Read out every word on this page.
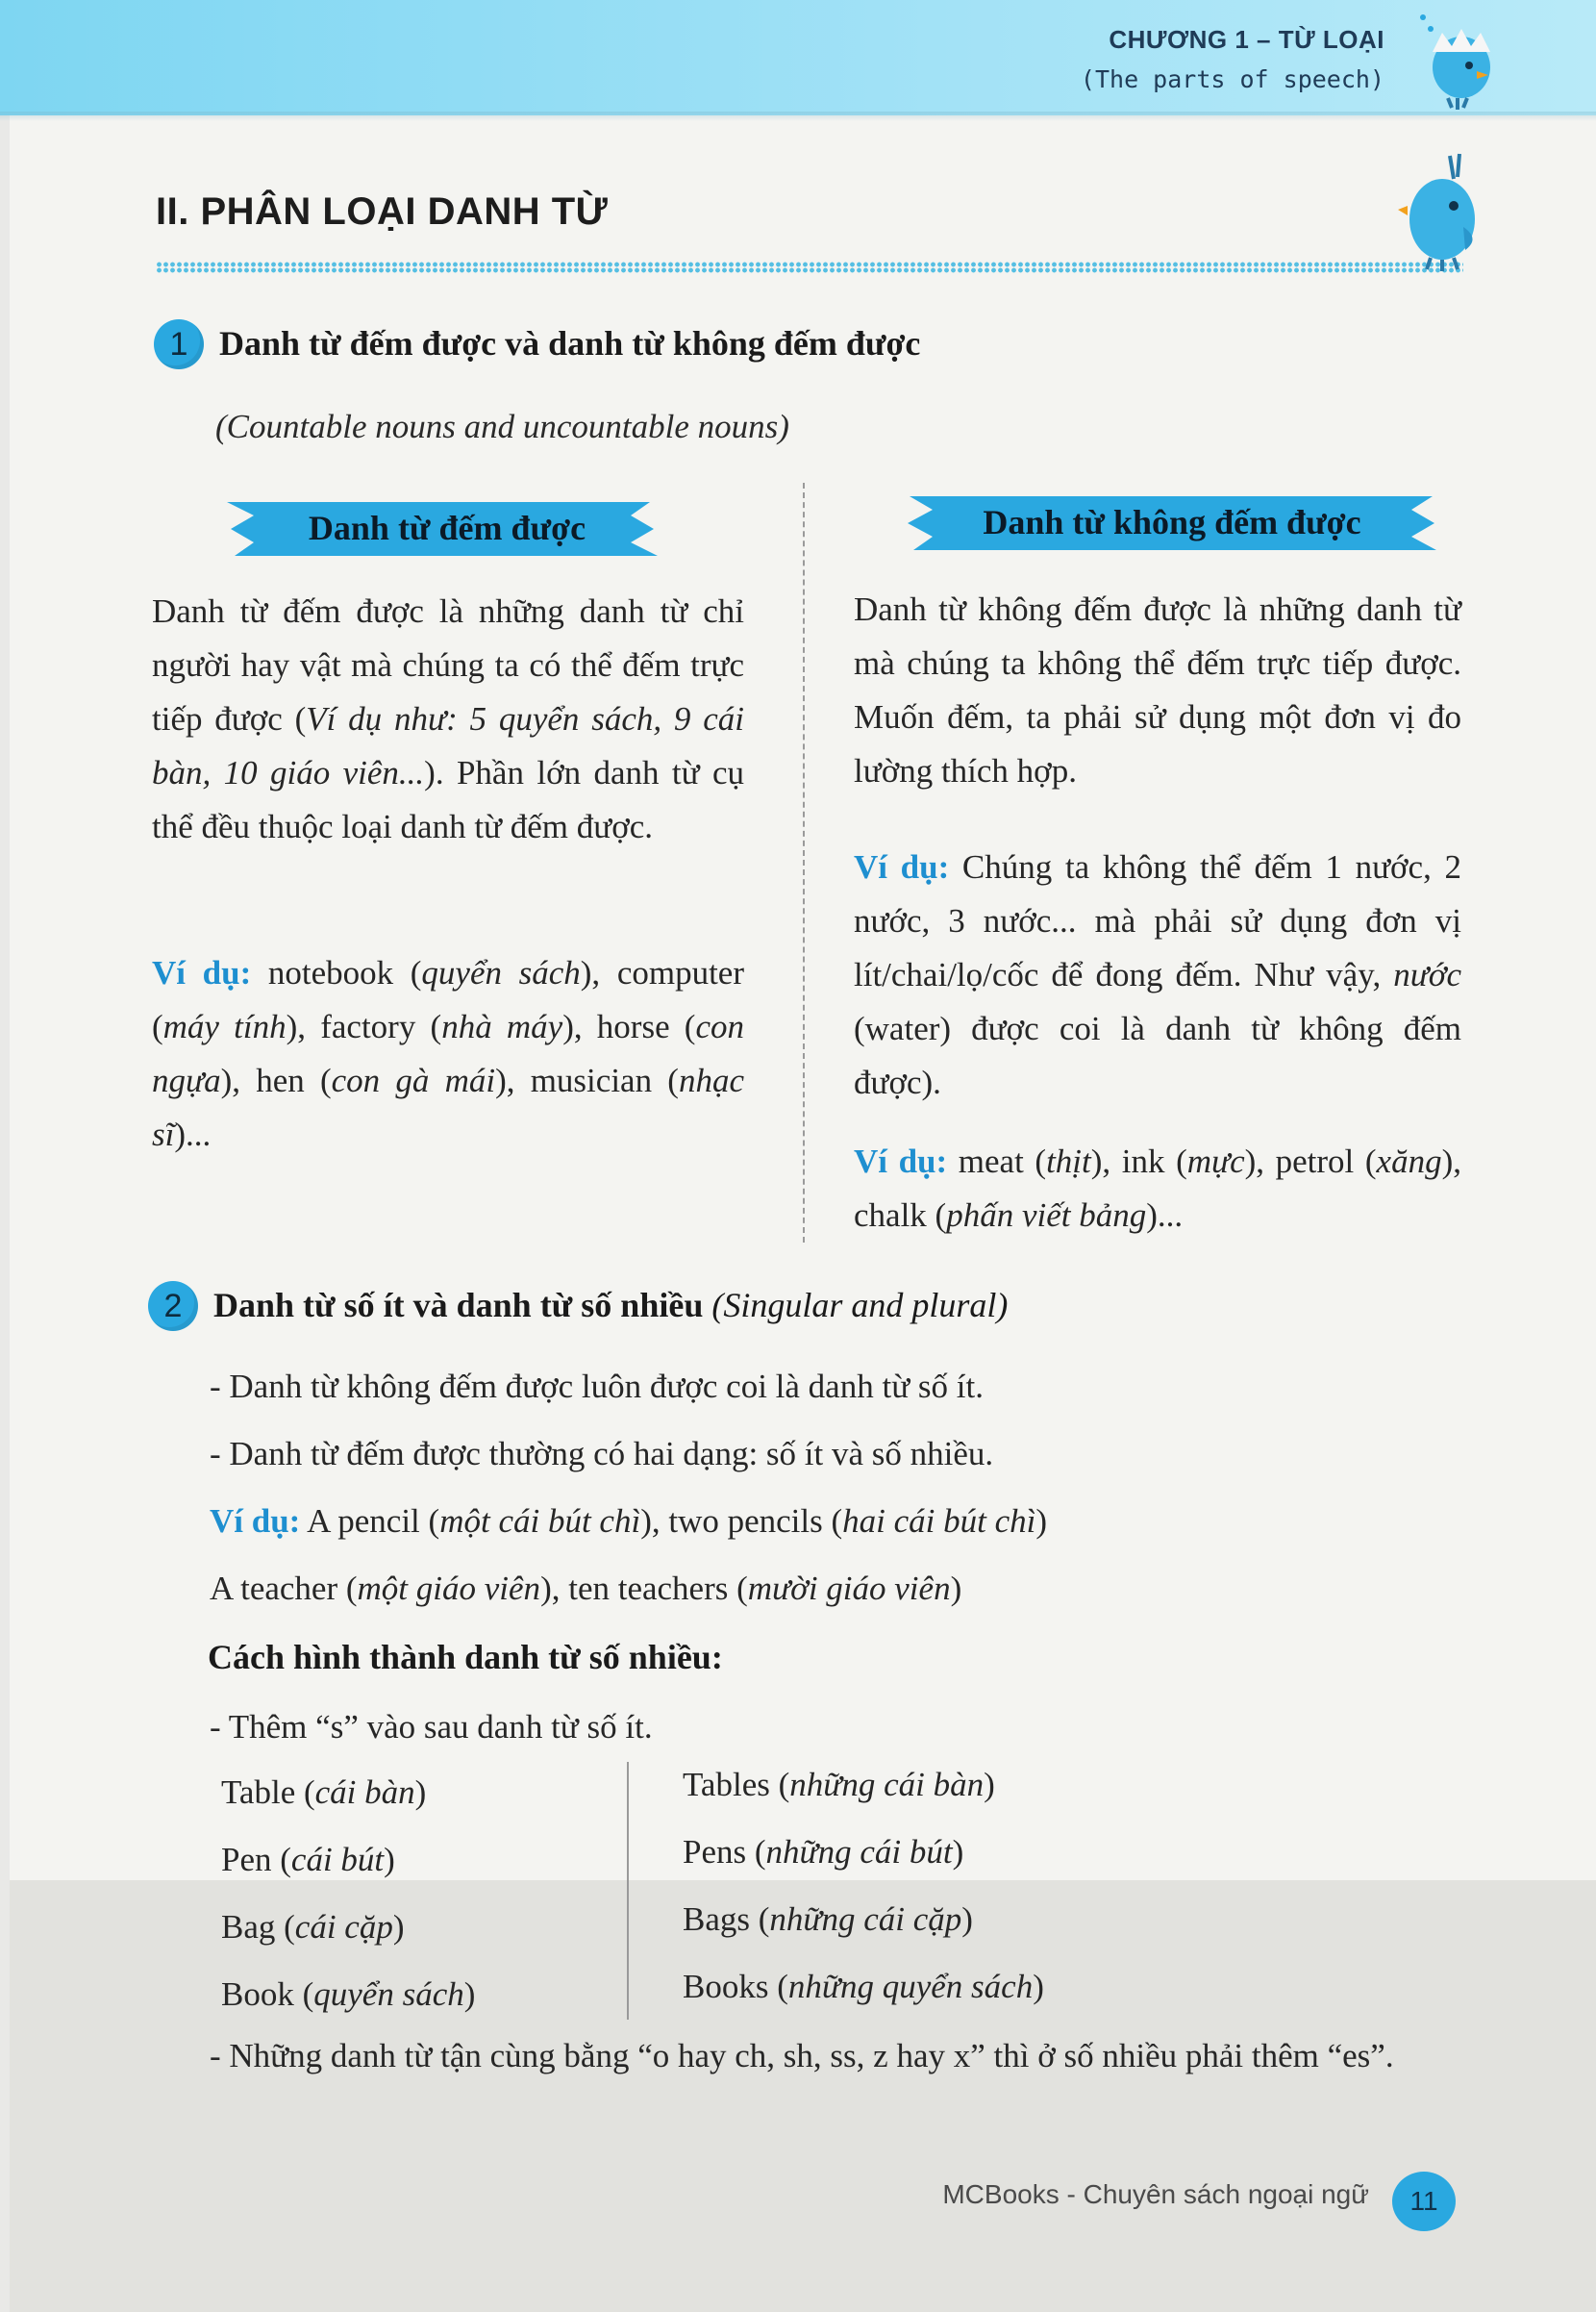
CHƯƠNG 1 – TỪ LOẠI
(The parts of speech)
II. PHÂN LOẠI DANH TỪ
1 Danh từ đếm được và danh từ không đếm được
(Countable nouns and uncountable nouns)
Danh từ đếm được	Danh từ không đếm được
Danh từ đếm được là những danh từ chỉ người hay vật mà chúng ta có thể đếm trực tiếp được (Ví dụ như: 5 quyển sách, 9 cái bàn, 10 giáo viên...). Phần lớn danh từ cụ thể đều thuộc loại danh từ đếm được.
Ví dụ: notebook (quyển sách), computer (máy tính), factory (nhà máy), horse (con ngựa), hen (con gà mái), musician (nhạc sĩ)...
Danh từ không đếm được là những danh từ mà chúng ta không thể đếm trực tiếp được. Muốn đếm, ta phải sử dụng một đơn vị đo lường thích hợp.
Ví dụ: Chúng ta không thể đếm 1 nước, 2 nước, 3 nước... mà phải sử dụng đơn vị lít/chai/lọ/cốc để đong đếm. Như vậy, nước (water) được coi là danh từ không đếm được).
Ví dụ: meat (thịt), ink (mực), petrol (xăng), chalk (phấn viết bảng)...
2 Danh từ số ít và danh từ số nhiều (Singular and plural)
- Danh từ không đếm được luôn được coi là danh từ số ít.
- Danh từ đếm được thường có hai dạng: số ít và số nhiều.
Ví dụ: A pencil (một cái bút chì), two pencils (hai cái bút chì)
A teacher (một giáo viên), ten teachers (mười giáo viên)
Cách hình thành danh từ số nhiều:
- Thêm “s” vào sau danh từ số ít.
Table (cái bàn)	Tables (những cái bàn)
Pen (cái bút)	Pens (những cái bút)
Bag (cái cặp)	Bags (những cái cặp)
Book (quyển sách)	Books (những quyển sách)
- Những danh từ tận cùng bằng “o hay ch, sh, ss, z hay x” thì ở số nhiều phải thêm “es”.
MCBooks - Chuyên sách ngoại ngữ	11
